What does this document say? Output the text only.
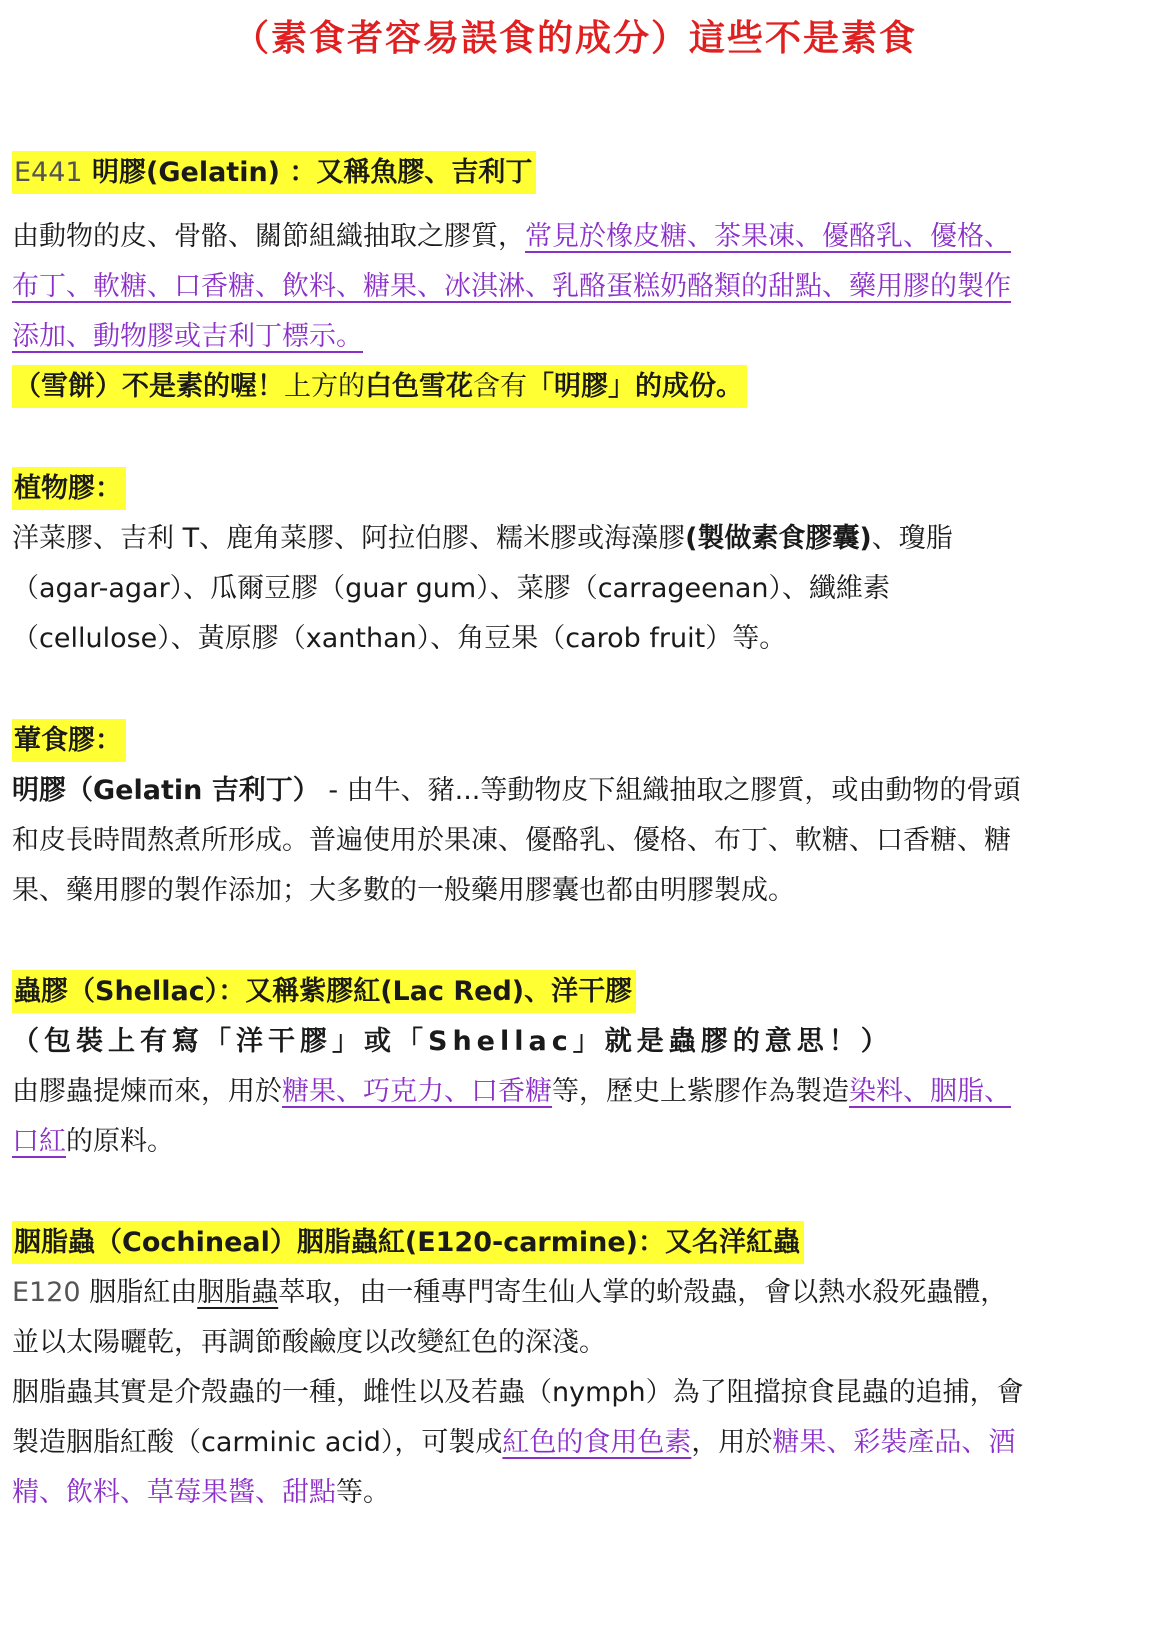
（素食者容易誤食的成分）這些不是素食

E441 明膠(Gelatin) ：又稱魚膠、吉利丁

由動物的皮、骨骼、關節組織抽取之膠質，常見於橡皮糖、茶果凍、優酪乳、優格、

布丁、軟糖、口香糖、飲料、糖果、冰淇淋、乳酪蛋糕奶酪類的甜點、藥用膠的製作

添加、動物膠或吉利丁標示。

（雪餅）不是素的喔！上方的白色雪花含有「明膠」的成份。

植物膠：

洋菜膠、吉利 T、鹿角菜膠、阿拉伯膠、糯米膠或海藻膠(製做素食膠囊)、瓊脂

（agar-agar）、瓜爾豆膠（guar gum）、菜膠（carrageenan）、纖維素

（cellulose）、黃原膠（xanthan）、角豆果（carob fruit）等。

葷食膠：

明膠（Gelatin 吉利丁） - 由牛、豬...等動物皮下組織抽取之膠質，或由動物的骨頭

和皮長時間熬煮所形成。普遍使用於果凍、優酪乳、優格、布丁、軟糖、口香糖、糖

果、藥用膠的製作添加；大多數的一般藥用膠囊也都由明膠製成。

蟲膠（Shellac）：又稱紫膠紅(Lac Red)、洋干膠

（包裝上有寫「洋干膠」或「Shellac」就是蟲膠的意思！）

由膠蟲提煉而來，用於糖果、巧克力、口香糖等，歷史上紫膠作為製造染料、胭脂、

口紅的原料。

胭脂蟲（Cochineal）胭脂蟲紅(E120-carmine)：又名洋紅蟲

E120 胭脂紅由胭脂蟲萃取，由一種專門寄生仙人掌的蚧殼蟲，會以熱水殺死蟲體，

並以太陽曬乾，再調節酸鹼度以改變紅色的深淺。

胭脂蟲其實是介殼蟲的一種，雌性以及若蟲（nymph）為了阻擋掠食昆蟲的追捕，會

製造胭脂紅酸（carminic acid），可製成紅色的食用色素，用於糖果、彩裝產品、酒

精、飲料、草莓果醬、甜點等。
